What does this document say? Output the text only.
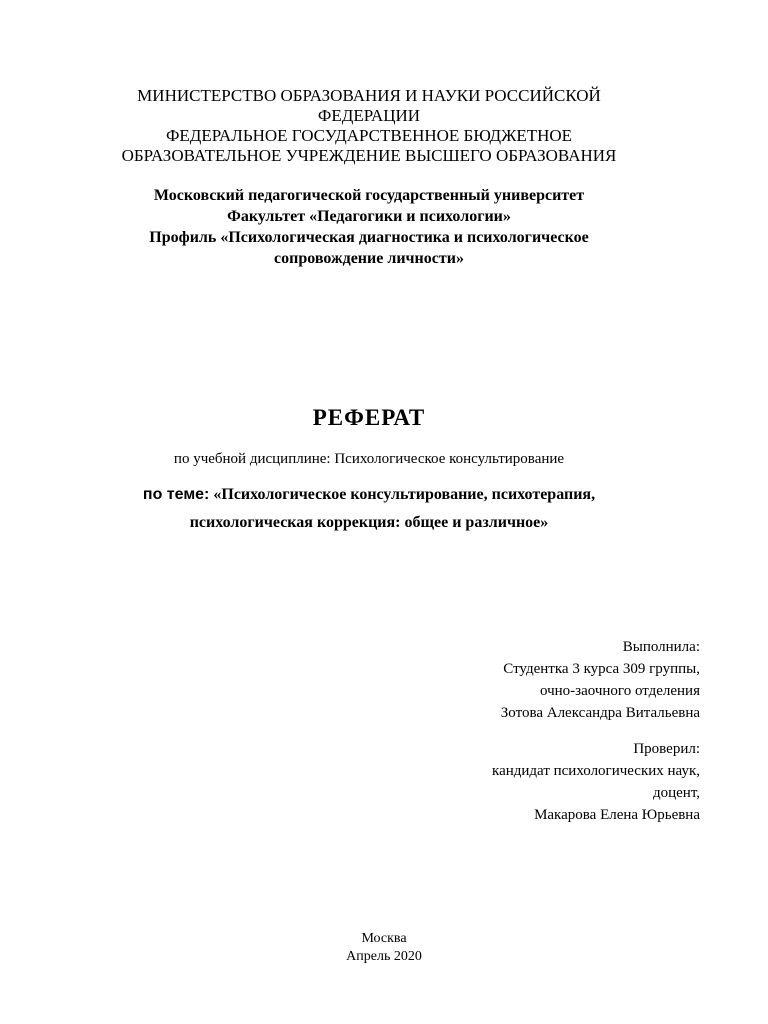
МИНИСТЕРСТВО ОБРАЗОВАНИЯ И НАУКИ РОССИЙСКОЙ
ФЕДЕРАЦИИ
ФЕДЕРАЛЬНОЕ ГОСУДАРСТВЕННОЕ БЮДЖЕТНОЕ
ОБРАЗОВАТЕЛЬНОЕ УЧРЕЖДЕНИЕ ВЫСШЕГО ОБРАЗОВАНИЯ
Московский педагогической государственный университет
Факультет «Педагогики и психологии»
Профиль «Психологическая диагностика и психологическое
сопровождение личности»
РЕФЕРАТ
по учебной дисциплине: Психологическое консультирование
по теме: «Психологическое консультирование, психотерапия,
психологическая коррекция: общее и различное»
Выполнила:
Студентка 3 курса 309 группы,
очно-заочного отделения
Зотова Александра Витальевна
Проверил:
кандидат психологических наук,
доцент,
Макарова Елена Юрьевна
Москва
Апрель 2020
